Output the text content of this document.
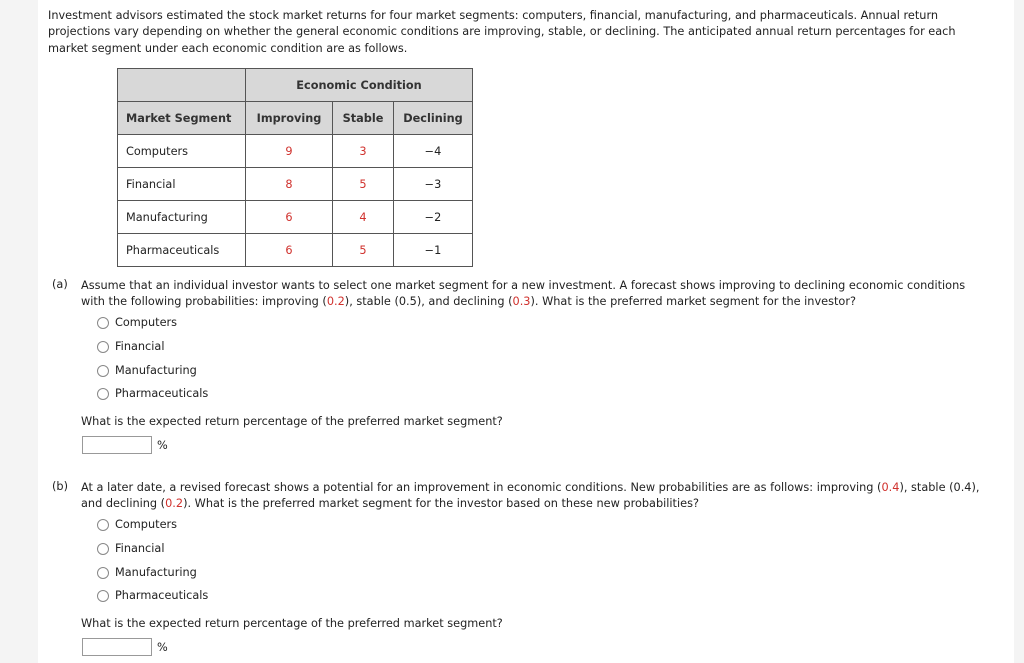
Investment advisors estimated the stock market returns for four market segments: computers, financial, manufacturing, and pharmaceuticals. Annual return projections vary depending on whether the general economic conditions are improving, stable, or declining. The anticipated annual return percentages for each market segment under each economic condition are as follows.

	Economic Condition		
Market Segment	Improving	Stable	Declining
Computers	9	3	−4
Financial	8	5	−3
Manufacturing	6	4	−2
Pharmaceuticals	6	5	−1
(a) Assume that an individual investor wants to select one market segment for a new investment. A forecast shows improving to declining economic conditions with the following probabilities: improving (0.2), stable (0.5), and declining (0.3). What is the preferred market segment for the investor?

Computers
Financial
Manufacturing
Pharmaceuticals
What is the expected return percentage of the preferred market segment?
%
(b) At a later date, a revised forecast shows a potential for an improvement in economic conditions. New probabilities are as follows: improving (0.4), stable (0.4), and declining (0.2). What is the preferred market segment for the investor based on these new probabilities?

Computers
Financial
Manufacturing
Pharmaceuticals
What is the expected return percentage of the preferred market segment?
%
